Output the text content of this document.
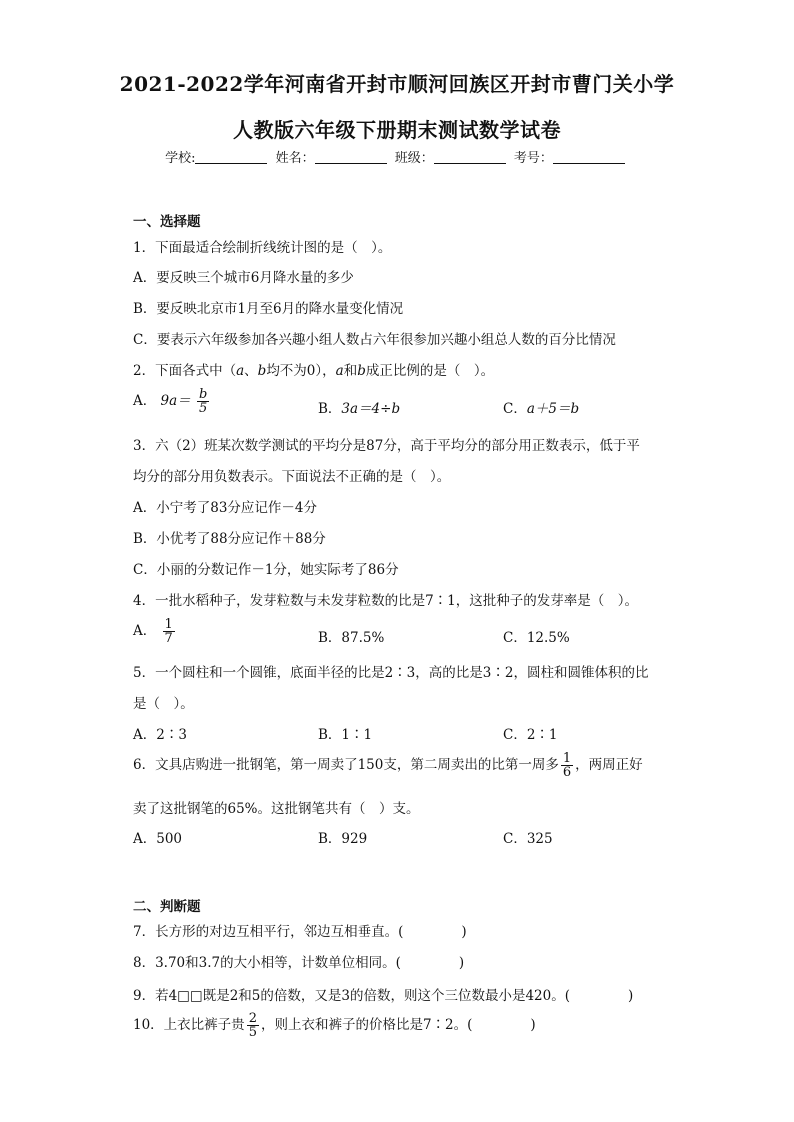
2021-2022学年河南省开封市顺河回族区开封市曹门关小学
人教版六年级下册期末测试数学试卷
学校:	姓名：	班级：	考号：
一、选择题
1．下面最适合绘制折线统计图的是（　）。
A．要反映三个城市6月降水量的多少
B．要反映北京市1月至6月的降水量变化情况
C．要表示六年级参加各兴趣小组人数占六年很参加兴趣小组总人数的百分比情况
2．下面各式中（a、b均不为0），a和b成正比例的是（　）。
A． $9a= \frac{b}{5}$	B．3a＝4÷b	C．a＋5＝b
3．六（2）班某次数学测试的平均分是87分，高于平均分的部分用正数表示，低于平
均分的部分用负数表示。下面说法不正确的是（　）。
A．小宁考了83分应记作－4分
B．小优考了88分应记作＋88分
C．小丽的分数记作－1分，她实际考了86分
4．一批水稻种子，发芽粒数与未发芽粒数的比是7∶1，这批种子的发芽率是（　）。
A． $\frac{1}{7}$	B．87.5%	C．12.5%
5．一个圆柱和一个圆锥，底面半径的比是2∶3，高的比是3∶2，圆柱和圆锥体积的比
是（　）。
A．2∶3	B．1∶1	C．2∶1
6．文具店购进一批钢笔，第一周卖了150支，第二周卖出的比第一周多 $\frac{1}{6}$ ，两周正好
卖了这批钢笔的65%。这批钢笔共有（　）支。
A．500	B．929	C．325
二、判断题
7．长方形的对边互相平行，邻边互相垂直。(	)
8．3.70和3.7的大小相等，计数单位相同。(	)
9．若4□□既是2和5的倍数，又是3的倍数，则这个三位数最小是420。(	)
10．上衣比裤子贵 $\frac{2}{5}$ ，则上衣和裤子的价格比是7∶2。(	)
